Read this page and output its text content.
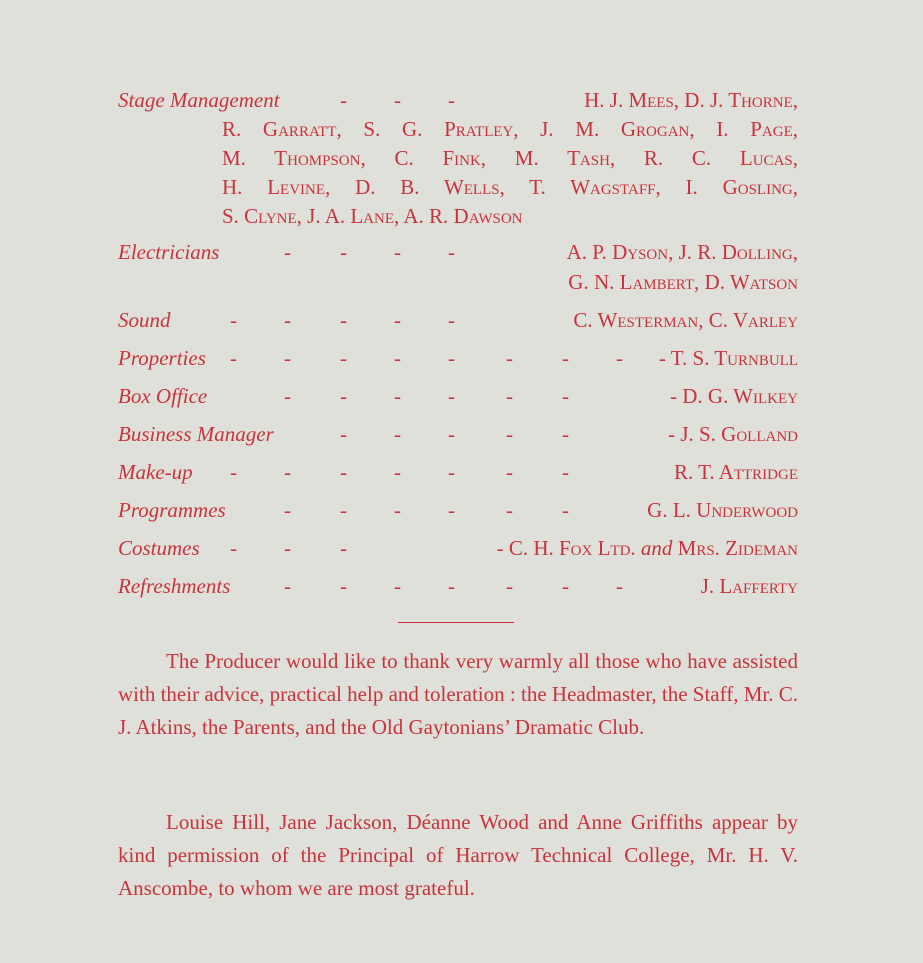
Stage Management	- - -	H. J. Mees, D. J. Thorne,
R. Garratt, S. G. Pratley, J. M. Grogan, I. Page,
M. Thompson, C. Fink, M. Tash, R. C. Lucas,
H. Levine, D. B. Wells, T. Wagstaff, I. Gosling,
S. Clyne, J. A. Lane, A. R. Dawson
Electricians	- - - -	A. P. Dyson, J. R. Dolling,
G. N. Lambert, D. Watson
Sound	- - - - -	C. Westerman, C. Varley
Properties - - - - - - - - - T. S. Turnbull
Box Office	- - - - - -	- D. G. Wilkey
Business Manager	- - - - -	- J. S. Golland
Make-up - - - - - - -	R. T. Attridge
Programmes	- - - - - -	G. L. Underwood
Costumes - - -	- C. H. Fox Ltd. and Mrs. Zideman
Refreshments	- - - - - - -	J. Lafferty

The Producer would like to thank very warmly all those who have assisted with their advice, practical help and toleration : the Headmaster, the Staff, Mr. C. J. Atkins, the Parents, and the Old Gaytonians’ Dramatic Club.

Louise Hill, Jane Jackson, Déanne Wood and Anne Griffiths appear by kind permission of the Principal of Harrow Technical College, Mr. H. V. Anscombe, to whom we are most grateful.
